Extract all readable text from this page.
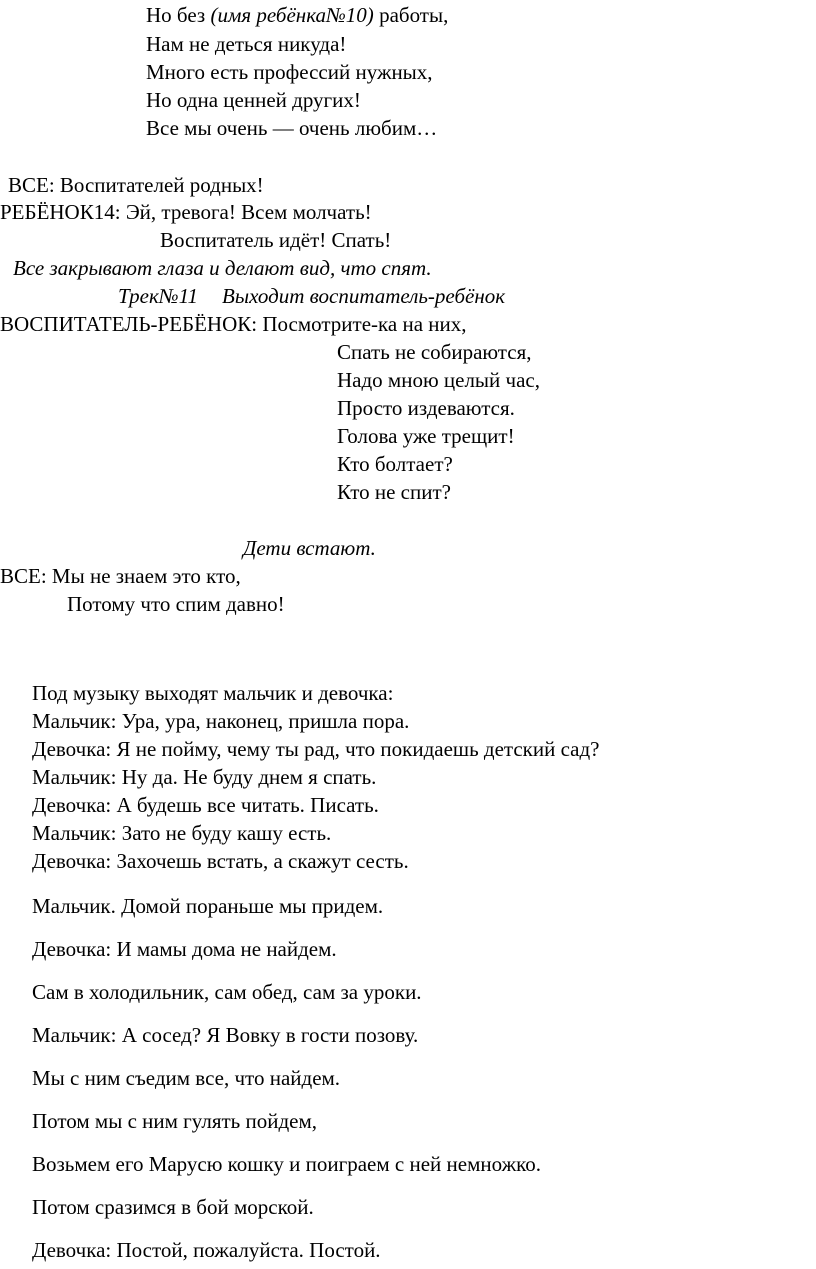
Но без (имя ребёнка№10) работы,
Нам не деться никуда!
Много есть профессий нужных,
Но одна ценней других!
Все мы очень — очень любим…
ВСЕ: Воспитателей родных!
РЕБЁНОК14: Эй, тревога! Всем молчать!
Воспитатель идёт! Спать!
Все закрывают глаза и делают вид, что спят.
Трек№11 Выходит воспитатель-ребёнок
ВОСПИТАТЕЛЬ-РЕБЁНОК: Посмотрите-ка на них,
Спать не собираются,
Надо мною целый час,
Просто издеваются.
Голова уже трещит!
Кто болтает?
Кто не спит?
Дети встают.
ВСЕ: Мы не знаем это кто,
Потому что спим давно!
Под музыку выходят мальчик и девочка:
Мальчик: Ура, ура, наконец, пришла пора.
Девочка: Я не пойму, чему ты рад, что покидаешь детский сад?
Мальчик: Ну да. Не буду днем я спать.
Девочка: А будешь все читать. Писать.
Мальчик: Зато не буду кашу есть.
Девочка: Захочешь встать, а скажут сесть.
Мальчик. Домой пораньше мы придем.
Девочка: И мамы дома не найдем.
Сам в холодильник, сам обед, сам за уроки.
Мальчик: А сосед? Я Вовку в гости позову.
Мы с ним съедим все, что найдем.
Потом мы с ним гулять пойдем,
Возьмем его Марусю кошку и поиграем с ней немножко.
Потом сразимся в бой морской.
Девочка: Постой, пожалуйста. Постой.
